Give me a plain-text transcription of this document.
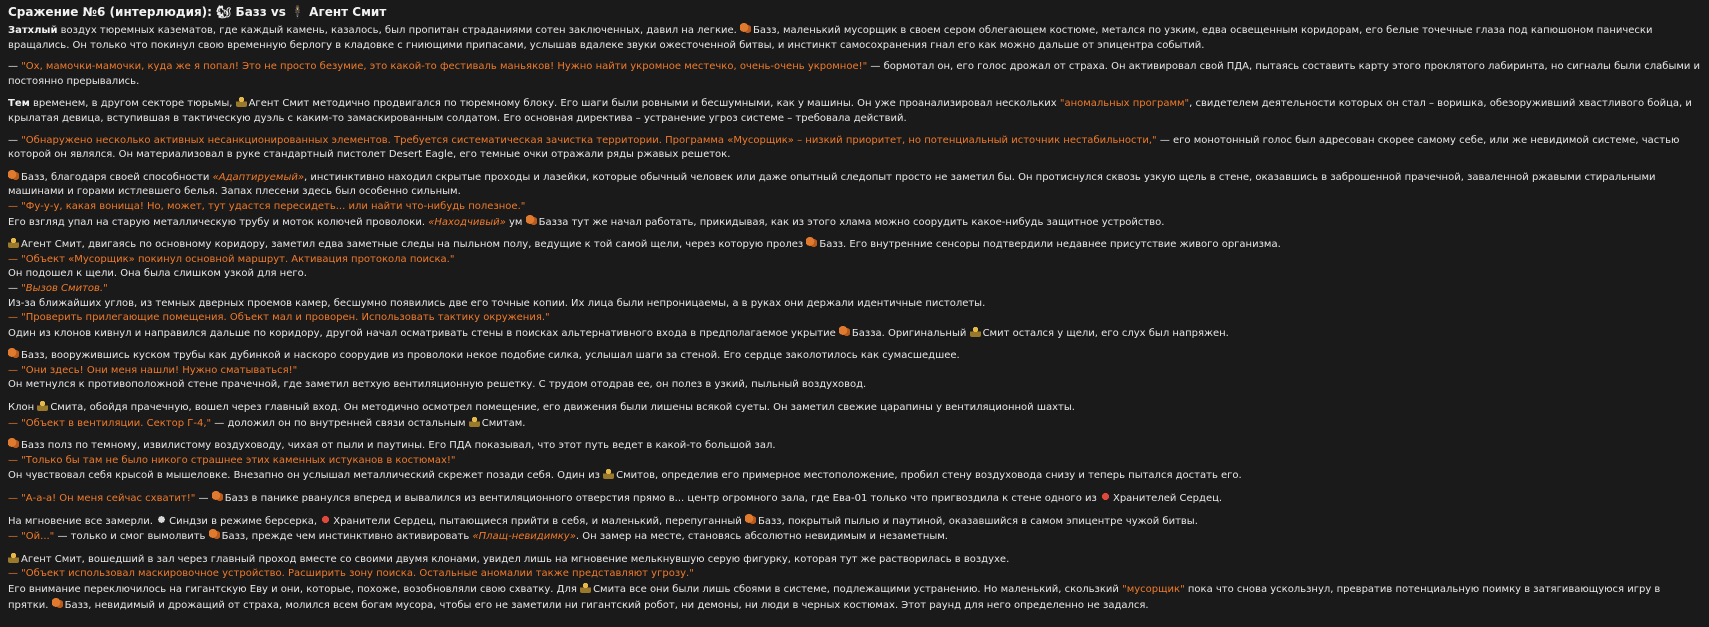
Сражение №6 (интерлюдия): 🐿 Базз vs 🕴 Агент Смит
Затхлый воздух тюремных казематов, где каждый камень, казалось, был пропитан страданиями сотен заключенных, давил на легкие. Базз, маленький мусорщик в своем сером облегающем костюме, метался по узким, едва освещенным коридорам, его белые точечные глаза под капюшоном панически вращались. Он только что покинул свою временную берлогу в кладовке с гниющими припасами, услышав вдалеке звуки ожесточенной битвы, и инстинкт самосохранения гнал его как можно дальше от эпицентра событий.
— "Ох, мамочки-мамочки, куда же я попал! Это не просто безумие, это какой-то фестиваль маньяков! Нужно найти укромное местечко, очень-очень укромное!" — бормотал он, его голос дрожал от страха. Он активировал свой ПДА, пытаясь составить карту этого проклятого лабиринта, но сигналы были слабыми и постоянно прерывались.
Тем временем, в другом секторе тюрьмы, Агент Смит методично продвигался по тюремному блоку. Его шаги были ровными и бесшумными, как у машины. Он уже проанализировал нескольких "аномальных программ", свидетелем деятельности которых он стал – воришка, обезоруживший хвастливого бойца, и крылатая девица, вступившая в тактическую дуэль с каким-то замаскированным солдатом. Его основная директива – устранение угроз системе – требовала действий.
— "Обнаружено несколько активных несанкционированных элементов. Требуется систематическая зачистка территории. Программа «Мусорщик» – низкий приоритет, но потенциальный источник нестабильности," — его монотонный голос был адресован скорее самому себе, или же невидимой системе, частью которой он являлся. Он материализовал в руке стандартный пистолет Desert Eagle, его темные очки отражали ряды ржавых решеток.
Базз, благодаря своей способности «Адаптируемый», инстинктивно находил скрытые проходы и лазейки, которые обычный человек или даже опытный следопыт просто не заметил бы. Он протиснулся сквозь узкую щель в стене, оказавшись в заброшенной прачечной, заваленной ржавыми стиральными машинами и горами истлевшего белья. Запах плесени здесь был особенно сильным.
— "Фу-у-у, какая вонища! Но, может, тут удастся пересидеть... или найти что-нибудь полезное."
Его взгляд упал на старую металлическую трубу и моток колючей проволоки. «Находчивый» ум Базза тут же начал работать, прикидывая, как из этого хлама можно соорудить какое-нибудь защитное устройство.
Агент Смит, двигаясь по основному коридору, заметил едва заметные следы на пыльном полу, ведущие к той самой щели, через которую пролез Базз. Его внутренние сенсоры подтвердили недавнее присутствие живого организма.
— "Объект «Мусорщик» покинул основной маршрут. Активация протокола поиска."
Он подошел к щели. Она была слишком узкой для него.
— "Вызов Смитов."
Из-за ближайших углов, из темных дверных проемов камер, бесшумно появились две его точные копии. Их лица были непроницаемы, а в руках они держали идентичные пистолеты.
— "Проверить прилегающие помещения. Объект мал и проворен. Использовать тактику окружения."
Один из клонов кивнул и направился дальше по коридору, другой начал осматривать стены в поисках альтернативного входа в предполагаемое укрытие Базза. Оригинальный Смит остался у щели, его слух был напряжен.
Базз, вооружившись куском трубы как дубинкой и наскоро соорудив из проволоки некое подобие силка, услышал шаги за стеной. Его сердце заколотилось как сумасшедшее.
— "Они здесь! Они меня нашли! Нужно сматываться!"
Он метнулся к противоположной стене прачечной, где заметил ветхую вентиляционную решетку. С трудом отодрав ее, он полез в узкий, пыльный воздуховод.
Клон Смита, обойдя прачечную, вошел через главный вход. Он методично осмотрел помещение, его движения были лишены всякой суеты. Он заметил свежие царапины у вентиляционной шахты.
— "Объект в вентиляции. Сектор Г-4," — доложил он по внутренней связи остальным Смитам.
Базз полз по темному, извилистому воздуховоду, чихая от пыли и паутины. Его ПДА показывал, что этот путь ведет в какой-то большой зал.
— "Только бы там не было никого страшнее этих каменных истуканов в костюмах!"
Он чувствовал себя крысой в мышеловке. Внезапно он услышал металлический скрежет позади себя. Один из Смитов, определив его примерное местоположение, пробил стену воздуховода снизу и теперь пытался достать его.
— "А-а-а! Он меня сейчас схватит!" — Базз в панике рванулся вперед и вывалился из вентиляционного отверстия прямо в... центр огромного зала, где Ева-01 только что пригвоздила к стене одного из Хранителей Сердец.
На мгновение все замерли. Синдзи в режиме берсерка, Хранители Сердец, пытающиеся прийти в себя, и маленький, перепуганный Базз, покрытый пылью и паутиной, оказавшийся в самом эпицентре чужой битвы.
— "Ой..." — только и смог вымолвить Базз, прежде чем инстинктивно активировать «Плащ-невидимку». Он замер на месте, становясь абсолютно невидимым и незаметным.
Агент Смит, вошедший в зал через главный проход вместе со своими двумя клонами, увидел лишь на мгновение мелькнувшую серую фигурку, которая тут же растворилась в воздухе.
— "Объект использовал маскировочное устройство. Расширить зону поиска. Остальные аномалии также представляют угрозу."
Его внимание переключилось на гигантскую Еву и они, которые, похоже, возобновляли свою схватку. Для Смита все они были лишь сбоями в системе, подлежащими устранению. Но маленький, скользкий "мусорщик" пока что снова ускользнул, превратив потенциальную поимку в затягивающуюся игру в прятки. Базз, невидимый и дрожащий от страха, молился всем богам мусора, чтобы его не заметили ни гигантский робот, ни демоны, ни люди в черных костюмах. Этот раунд для него определенно не задался.
